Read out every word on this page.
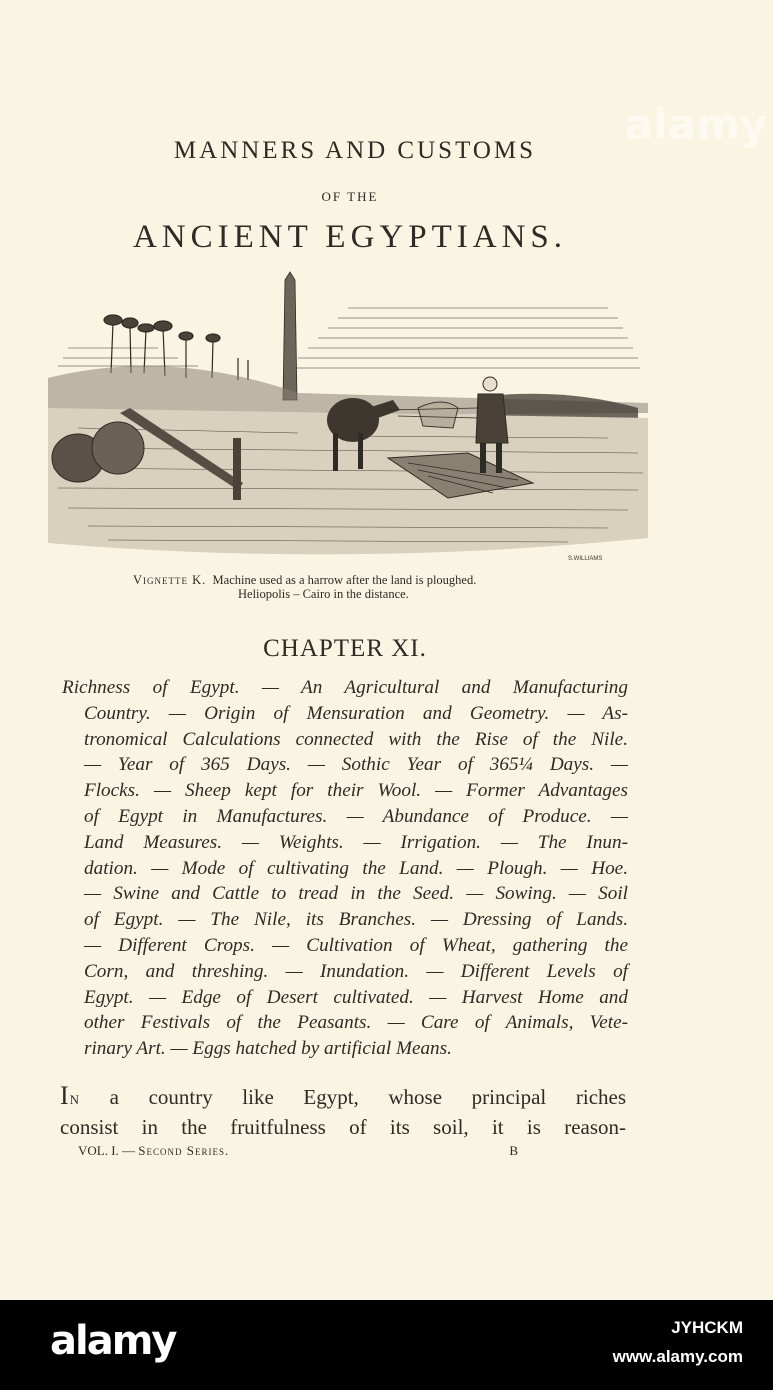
MANNERS AND CUSTOMS
OF THE
ANCIENT EGYPTIANS.
S.WILLIAMS
Vignette K. Machine used as a harrow after the land is ploughed.
Heliopolis – Cairo in the distance.
CHAPTER XI.
Richness of Egypt. — An Agricultural and Manufacturing
Country. — Origin of Mensuration and Geometry. — As-
tronomical Calculations connected with the Rise of the Nile.
— Year of 365 Days. — Sothic Year of 365¼ Days. —
Flocks. — Sheep kept for their Wool. — Former Advantages
of Egypt in Manufactures. — Abundance of Produce. —
Land Measures. — Weights. — Irrigation. — The Inun-
dation. — Mode of cultivating the Land. — Plough. — Hoe.
— Swine and Cattle to tread in the Seed. — Sowing. — Soil
of Egypt. — The Nile, its Branches. — Dressing of Lands.
— Different Crops. — Cultivation of Wheat, gathering the
Corn, and threshing. — Inundation. — Different Levels of
Egypt. — Edge of Desert cultivated. — Harvest Home and
other Festivals of the Peasants. — Care of Animals, Vete-
rinary Art. — Eggs hatched by artificial Means.
In a country like Egypt, whose principal riches
consist in the fruitfulness of its soil, it is reason-
VOL. I. — Second Series.	B
alamy
alamy	JYHCKM
www.alamy.com
